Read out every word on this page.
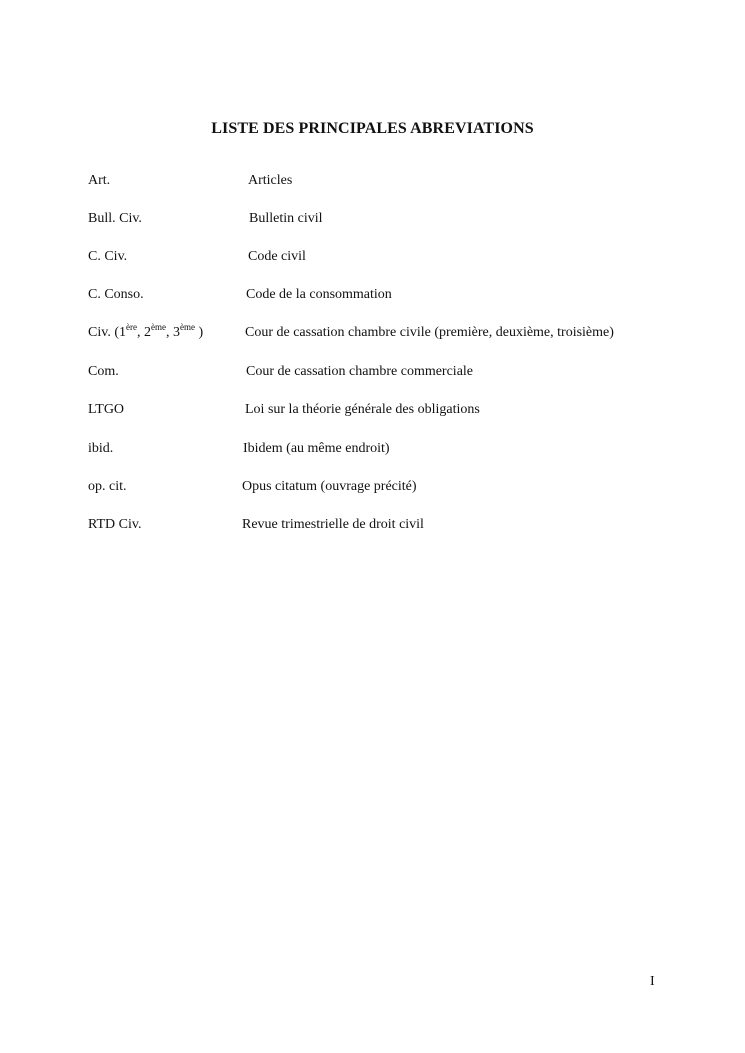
LISTE DES PRINCIPALES ABREVIATIONS
Art.	Articles
Bull. Civ.	Bulletin civil
C. Civ.	Code civil
C. Conso.	Code de la consommation
Civ. (1ère, 2ème, 3ème )	Cour de cassation chambre civile (première, deuxième, troisième)
Com.	Cour de cassation chambre commerciale
LTGO	Loi sur la théorie générale des obligations
ibid.	Ibidem (au même endroit)
op. cit.	Opus citatum (ouvrage précité)
RTD Civ.	Revue trimestrielle de droit civil
I
